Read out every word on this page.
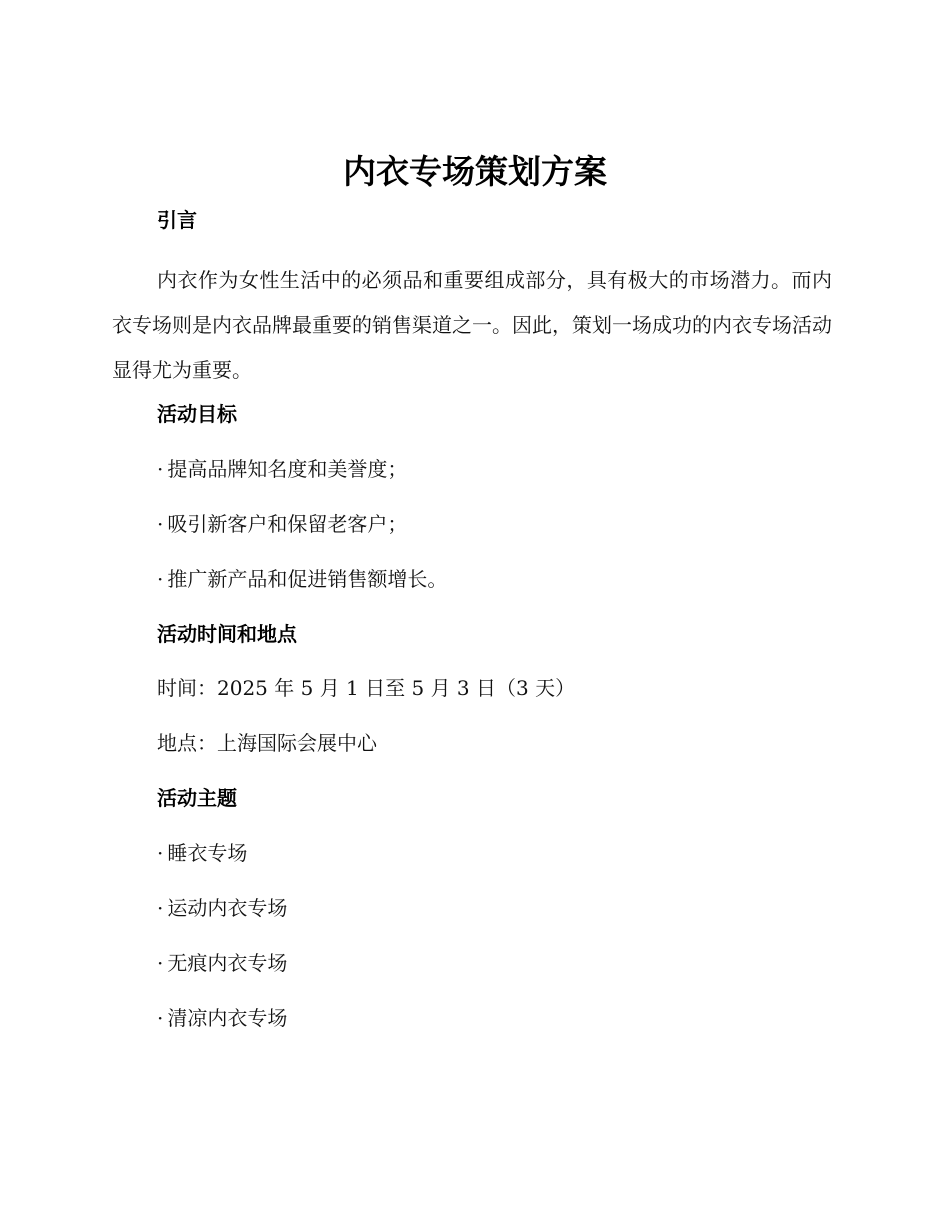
内衣专场策划方案
引言

内衣作为女性生活中的必须品和重要组成部分，具有极大的市场潜力。而内衣专场则是内衣品牌最重要的销售渠道之一。因此，策划一场成功的内衣专场活动显得尤为重要。

活动目标

· 提高品牌知名度和美誉度；

· 吸引新客户和保留老客户；

· 推广新产品和促进销售额增长。

活动时间和地点

时间：2025 年 5 月 1 日至 5 月 3 日（3 天）

地点：上海国际会展中心

活动主题

· 睡衣专场

· 运动内衣专场

· 无痕内衣专场

· 清凉内衣专场
